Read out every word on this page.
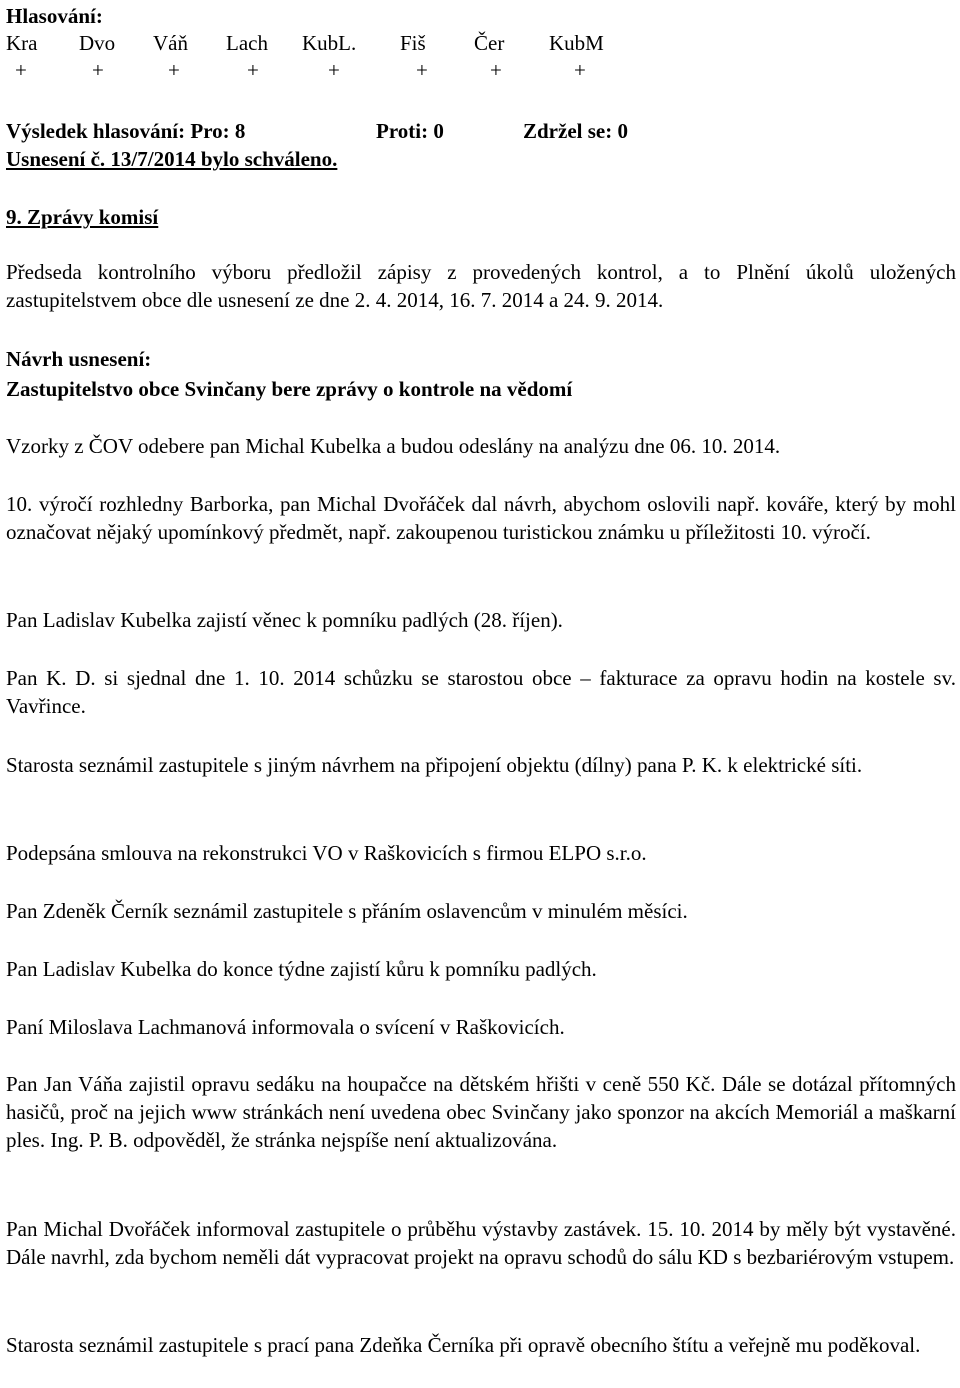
Hlasování:
Kra Dvo Váň Lach KubL. Fiš Čer KubM
+	+	+	+	+	+	+	+
Výsledek hlasování: Pro: 8	Proti: 0	Zdržel se: 0
Usnesení č. 13/7/2014 bylo schváleno.
9. Zprávy komisí
Předseda kontrolního výboru předložil zápisy z provedených kontrol, a to Plnění úkolů uložených zastupitelstvem obce dle usnesení ze dne 2. 4. 2014, 16. 7. 2014 a 24. 9. 2014.
Návrh usnesení:
Zastupitelstvo obce Svinčany bere zprávy o kontrole na vědomí
Vzorky z ČOV odebere pan Michal Kubelka a budou odeslány na analýzu dne 06. 10. 2014.
10. výročí rozhledny Barborka, pan Michal Dvořáček dal návrh, abychom oslovili např. kováře, který by mohl označovat nějaký upomínkový předmět, např. zakoupenou turistickou známku u příležitosti 10. výročí.
Pan Ladislav Kubelka zajistí věnec k pomníku padlých (28. říjen).
Pan K. D. si sjednal dne 1. 10. 2014 schůzku se starostou obce – fakturace za opravu hodin na kostele sv. Vavřince.
Starosta seznámil zastupitele s jiným návrhem na připojení objektu (dílny) pana P. K. k elektrické síti.
Podepsána smlouva na rekonstrukci VO v Raškovicích s firmou ELPO s.r.o.
Pan Zdeněk Černík seznámil zastupitele s přáním oslavencům v minulém měsíci.
Pan Ladislav Kubelka do konce týdne zajistí kůru k pomníku padlých.
Paní Miloslava Lachmanová informovala o svícení v Raškovicích.
Pan Jan Váňa zajistil opravu sedáku na houpačce na dětském hřišti v ceně 550 Kč. Dále se dotázal přítomných hasičů, proč na jejich www stránkách není uvedena obec Svinčany jako sponzor na akcích Memoriál a maškarní ples. Ing. P. B. odpověděl, že stránka nejspíše není aktualizována.
Pan Michal Dvořáček informoval zastupitele o průběhu výstavby zastávek. 15. 10. 2014 by měly být vystavěné. Dále navrhl, zda bychom neměli dát vypracovat projekt na opravu schodů do sálu KD s bezbariérovým vstupem.
Starosta seznámil zastupitele s prací pana Zdeňka Černíka při opravě obecního štítu a veřejně mu poděkoval.
